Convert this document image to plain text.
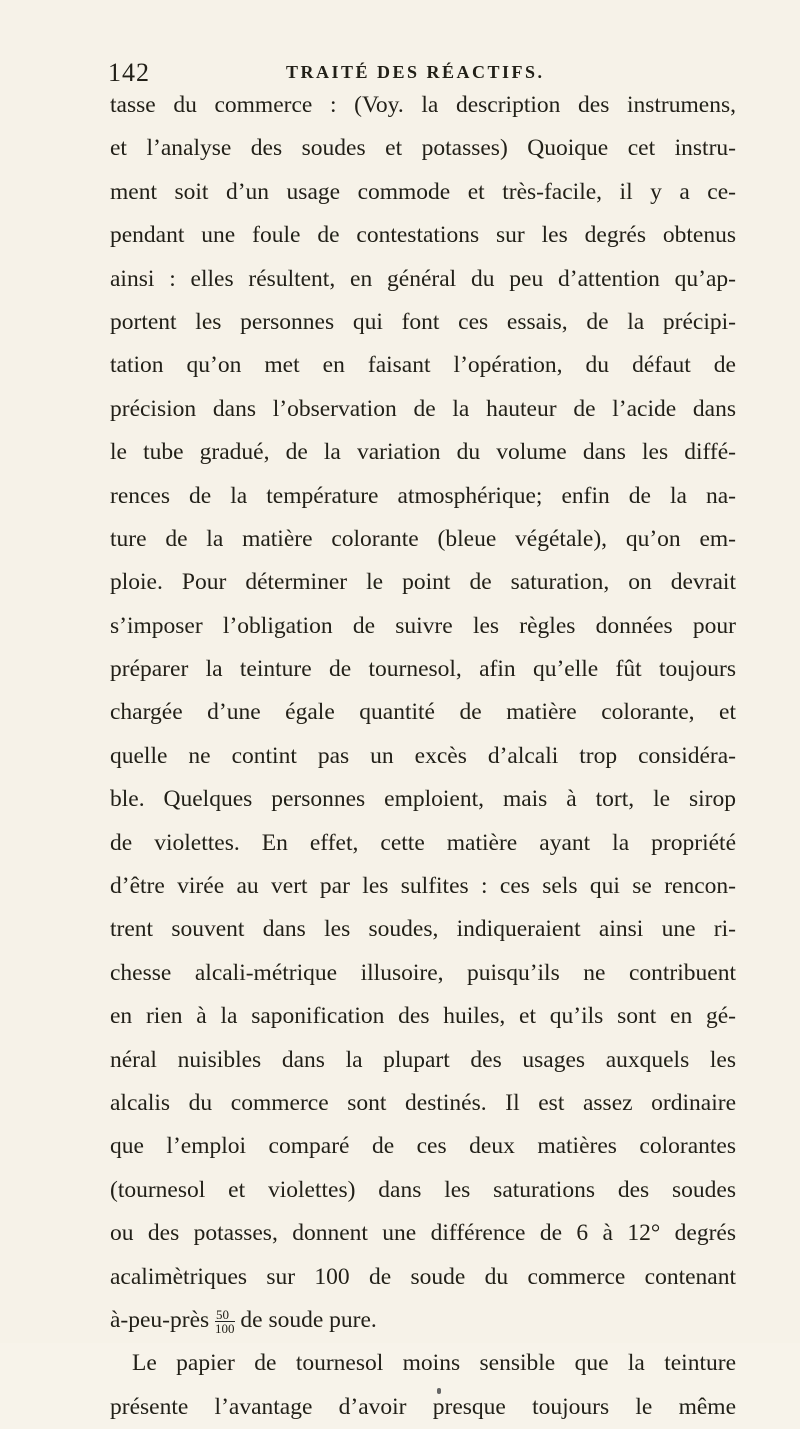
142	TRAITÉ DES RÉACTIFS.
tasse du commerce : (Voy. la description des instrumens,
et l’analyse des soudes et potasses) Quoique cet instru-
ment soit d’un usage commode et très-facile, il y a ce-
pendant une foule de contestations sur les degrés obtenus
ainsi : elles résultent, en général du peu d’attention qu’ap-
portent les personnes qui font ces essais, de la précipi-
tation qu’on met en faisant l’opération, du défaut de
précision dans l’observation de la hauteur de l’acide dans
le tube gradué, de la variation du volume dans les diffé-
rences de la température atmosphérique; enfin de la na-
ture de la matière colorante (bleue végétale), qu’on em-
ploie. Pour déterminer le point de saturation, on devrait
s’imposer l’obligation de suivre les règles données pour
préparer la teinture de tournesol, afin qu’elle fût toujours
chargée d’une égale quantité de matière colorante, et
quelle ne contint pas un excès d’alcali trop considéra-
ble. Quelques personnes emploient, mais à tort, le sirop
de violettes. En effet, cette matière ayant la propriété
d’être virée au vert par les sulfites : ces sels qui se rencon-
trent souvent dans les soudes, indiqueraient ainsi une ri-
chesse alcali-métrique illusoire, puisqu’ils ne contribuent
en rien à la saponification des huiles, et qu’ils sont en gé-
néral nuisibles dans la plupart des usages auxquels les
alcalis du commerce sont destinés. Il est assez ordinaire
que l’emploi comparé de ces deux matières colorantes
(tournesol et violettes) dans les saturations des soudes
ou des potasses, donnent une différence de 6 à 12° degrés
acalimètriques sur 100 de soude du commerce contenant
à-peu-près $\frac{50}{100}$ de soude pure.
Le papier de tournesol moins sensible que la teinture
présente l’avantage d’avoir presque toujours le même
